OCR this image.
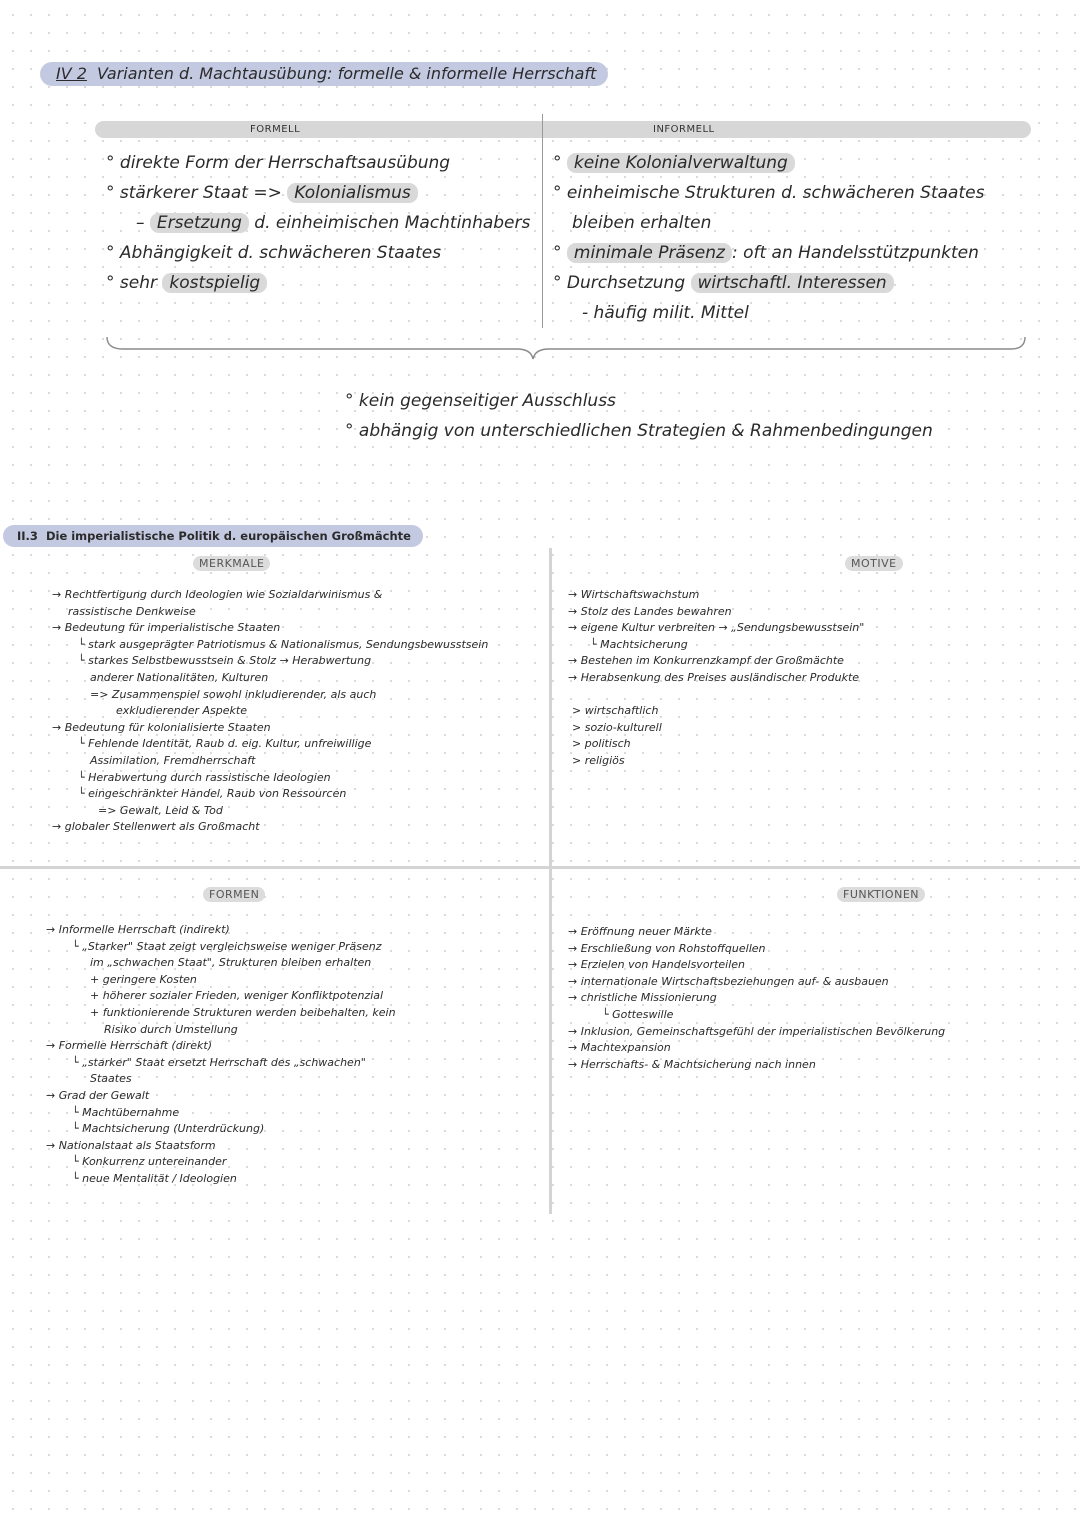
IV 2 Varianten d. Machtausübung: formelle & informelle Herrschaft
FORMELL	INFORMELL
° direkte Form der Herrschaftsausübung
° stärkerer Staat => Kolonialismus
– Ersetzung d. einheimischen Machtinhabers
° Abhängigkeit d. schwächeren Staates
° sehr kostspielig
° keine Kolonialverwaltung
° einheimische Strukturen d. schwächeren Staates
bleiben erhalten
° minimale Präsenz : oft an Handelsstützpunkten
° Durchsetzung wirtschaftl. Interessen
- häufig milit. Mittel
° kein gegenseitiger Ausschluss
° abhängig von unterschiedlichen Strategien & Rahmenbedingungen
II.3 Die imperialistische Politik d. europäischen Großmächte
MERKMALE	MOTIVE
FORMEN	FUNKTIONEN
→ Rechtfertigung durch Ideologien wie Sozialdarwinismus &
rassistische Denkweise
→ Bedeutung für imperialistische Staaten
└ stark ausgeprägter Patriotismus & Nationalismus, Sendungsbewusstsein
└ starkes Selbstbewusstsein & Stolz → Herabwertung
anderer Nationalitäten, Kulturen
=> Zusammenspiel sowohl inkludierender, als auch
exkludierender Aspekte
→ Bedeutung für kolonialisierte Staaten
└ Fehlende Identität, Raub d. eig. Kultur, unfreiwillige
Assimilation, Fremdherrschaft
└ Herabwertung durch rassistische Ideologien
└ eingeschränkter Handel, Raub von Ressourcen
=> Gewalt, Leid & Tod
→ globaler Stellenwert als Großmacht
→ Wirtschaftswachstum
→ Stolz des Landes bewahren
→ eigene Kultur verbreiten → „Sendungsbewusstsein"
└ Machtsicherung
→ Bestehen im Konkurrenzkampf der Großmächte
→ Herabsenkung des Preises ausländischer Produkte
> wirtschaftlich
> sozio-kulturell
> politisch
> religiös
→ Informelle Herrschaft (indirekt)
└ „Starker" Staat zeigt vergleichsweise weniger Präsenz
im „schwachen Staat", Strukturen bleiben erhalten
+ geringere Kosten
+ höherer sozialer Frieden, weniger Konfliktpotenzial
+ funktionierende Strukturen werden beibehalten, kein
Risiko durch Umstellung
→ Formelle Herrschaft (direkt)
└ „starker" Staat ersetzt Herrschaft des „schwachen"
Staates
→ Grad der Gewalt
└ Machtübernahme
└ Machtsicherung (Unterdrückung)
→ Nationalstaat als Staatsform
└ Konkurrenz untereinander
└ neue Mentalität / Ideologien
→ Eröffnung neuer Märkte
→ Erschließung von Rohstoffquellen
→ Erzielen von Handelsvorteilen
→ internationale Wirtschaftsbeziehungen auf- & ausbauen
→ christliche Missionierung
└ Gotteswille
→ Inklusion, Gemeinschaftsgefühl der imperialistischen Bevölkerung
→ Machtexpansion
→ Herrschafts- & Machtsicherung nach innen
